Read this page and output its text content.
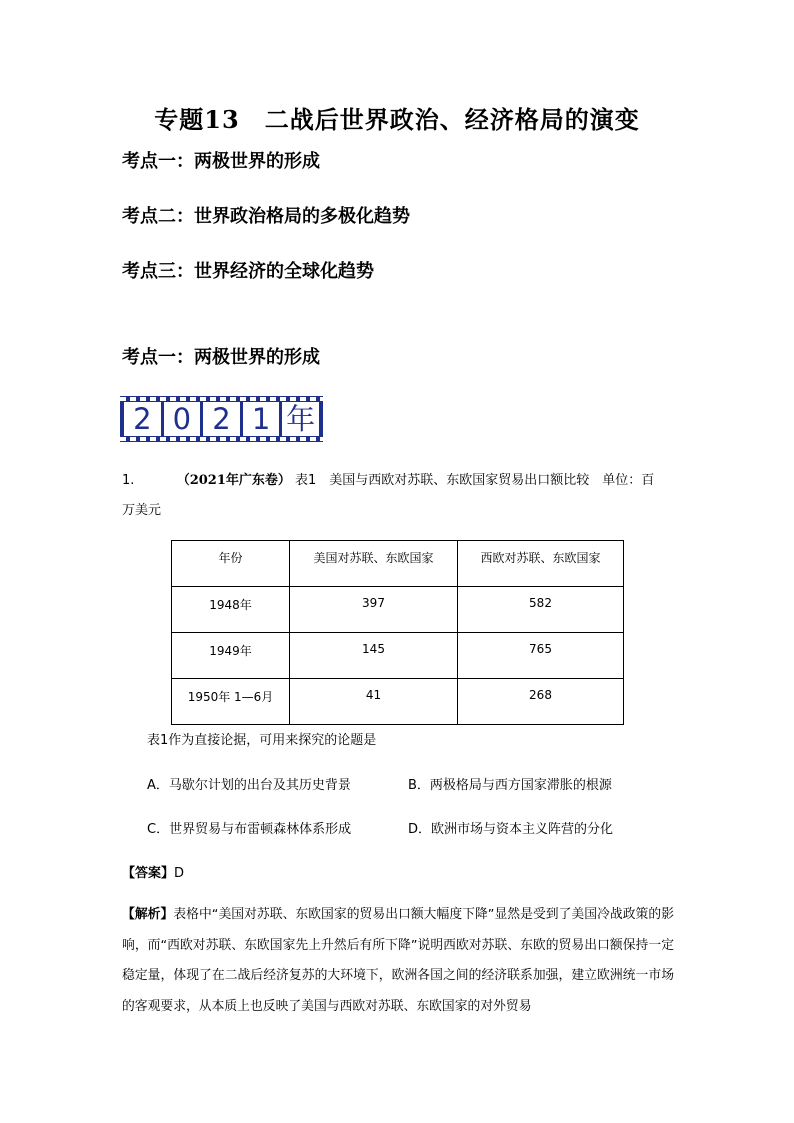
专题13　二战后世界政治、经济格局的演变
考点一：两极世界的形成
考点二：世界政治格局的多极化趋势
考点三：世界经济的全球化趋势
考点一：两极世界的形成
2 0 2 1 年
1.	（2021年广东卷） 表1　美国与西欧对苏联、东欧国家贸易出口额比较　单位：百
万美元
年份	美国对苏联、东欧国家	西欧对苏联、东欧国家
1948年	397	582
1949年	145	765
1950年 1—6月	41	268
表1作为直接论据，可用来探究的论题是
A．马歇尔计划的出台及其历史背景	B．两极格局与西方国家滞胀的根源
C．世界贸易与布雷顿森林体系形成	D．欧洲市场与资本主义阵营的分化
【答案】D
【解析】表格中“美国对苏联、东欧国家的贸易出口额大幅度下降”显然是受到了美国冷战政策的影响，而“西欧对苏联、东欧国家先上升然后有所下降”说明西欧对苏联、东欧的贸易出口额保持一定稳定量，体现了在二战后经济复苏的大环境下，欧洲各国之间的经济联系加强，建立欧洲统一市场的客观要求，从本质上也反映了美国与西欧对苏联、东欧国家的对外贸易
